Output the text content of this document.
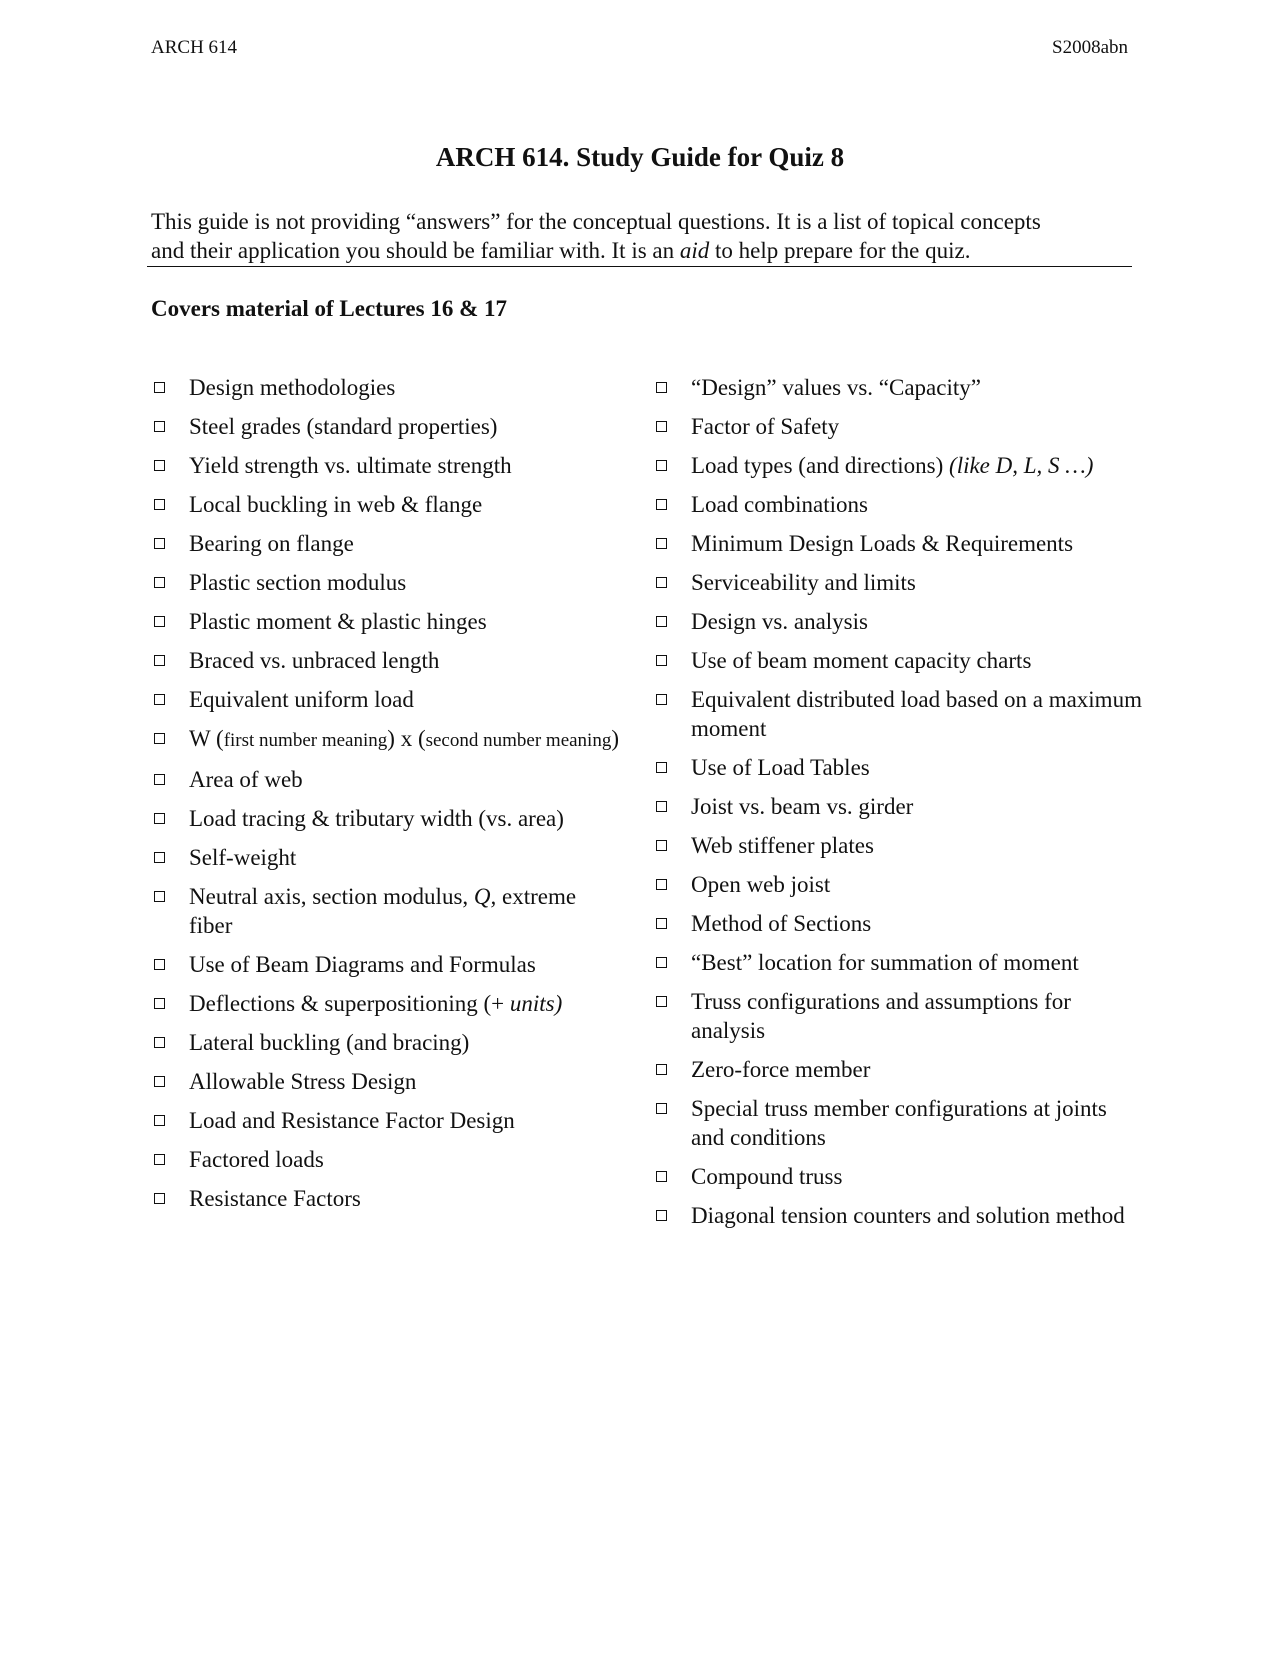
ARCH 614	S2008abn
ARCH 614. Study Guide for Quiz 8
This guide is not providing “answers” for the conceptual questions. It is a list of topical concepts
and their application you should be familiar with. It is an aid to help prepare for the quiz.
Covers material of Lectures 16 & 17
Design methodologies
Steel grades (standard properties)
Yield strength vs. ultimate strength
Local buckling in web & flange
Bearing on flange
Plastic section modulus
Plastic moment & plastic hinges
Braced vs. unbraced length
Equivalent uniform load
W (first number meaning) x (second number meaning)
Area of web
Load tracing & tributary width (vs. area)
Self-weight
Neutral axis, section modulus, Q, extreme fiber
Use of Beam Diagrams and Formulas
Deflections & superpositioning (+ units)
Lateral buckling (and bracing)
Allowable Stress Design
Load and Resistance Factor Design
Factored loads
Resistance Factors
“Design” values vs. “Capacity”
Factor of Safety
Load types (and directions) (like D, L, S …)
Load combinations
Minimum Design Loads & Requirements
Serviceability and limits
Design vs. analysis
Use of beam moment capacity charts
Equivalent distributed load based on a maximum moment
Use of Load Tables
Joist vs. beam vs. girder
Web stiffener plates
Open web joist
Method of Sections
“Best” location for summation of moment
Truss configurations and assumptions for analysis
Zero-force member
Special truss member configurations at joints and conditions
Compound truss
Diagonal tension counters and solution method
